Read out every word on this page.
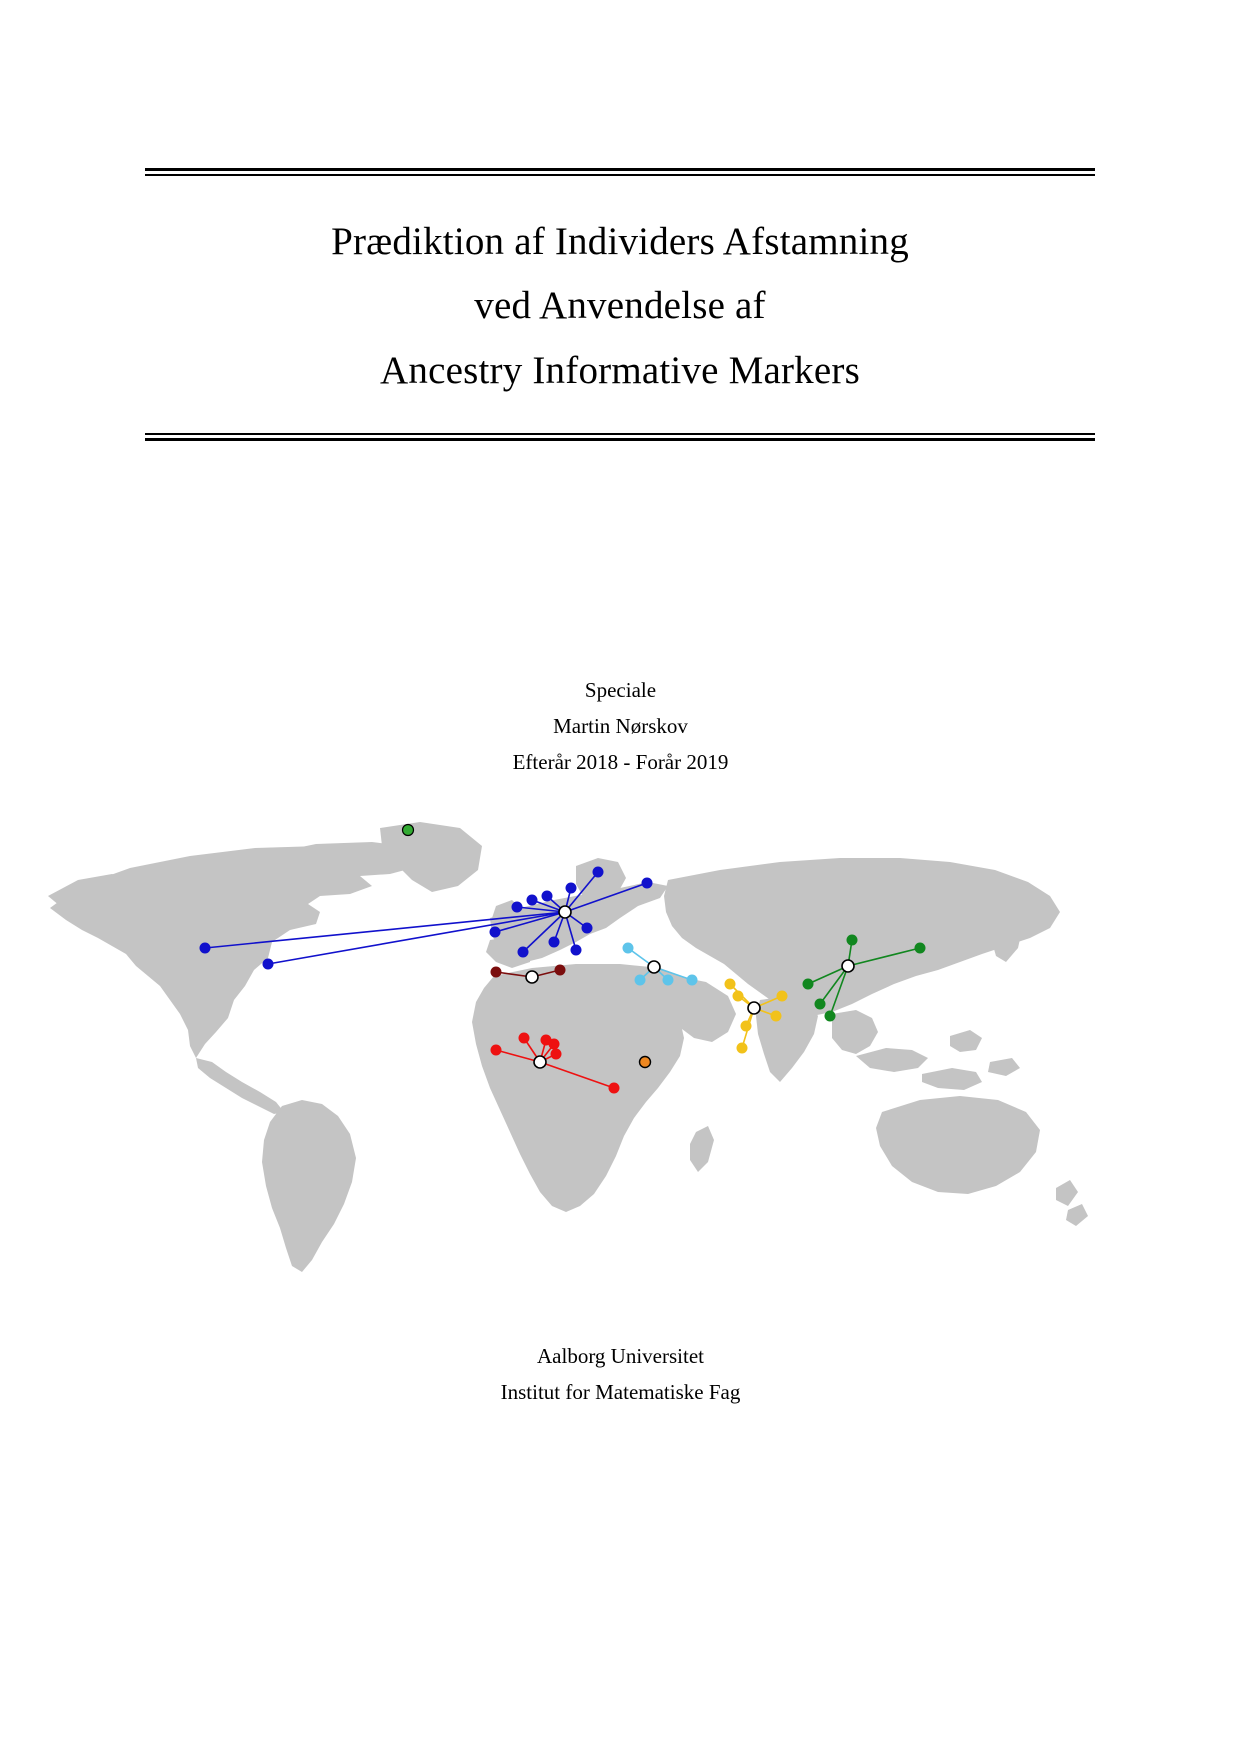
Prædiktion af Individers Afstamning
ved Anvendelse af
Ancestry Informative Markers
Speciale
Martin Nørskov
Efterår 2018 - Forår 2019
Aalborg Universitet
Institut for Matematiske Fag
